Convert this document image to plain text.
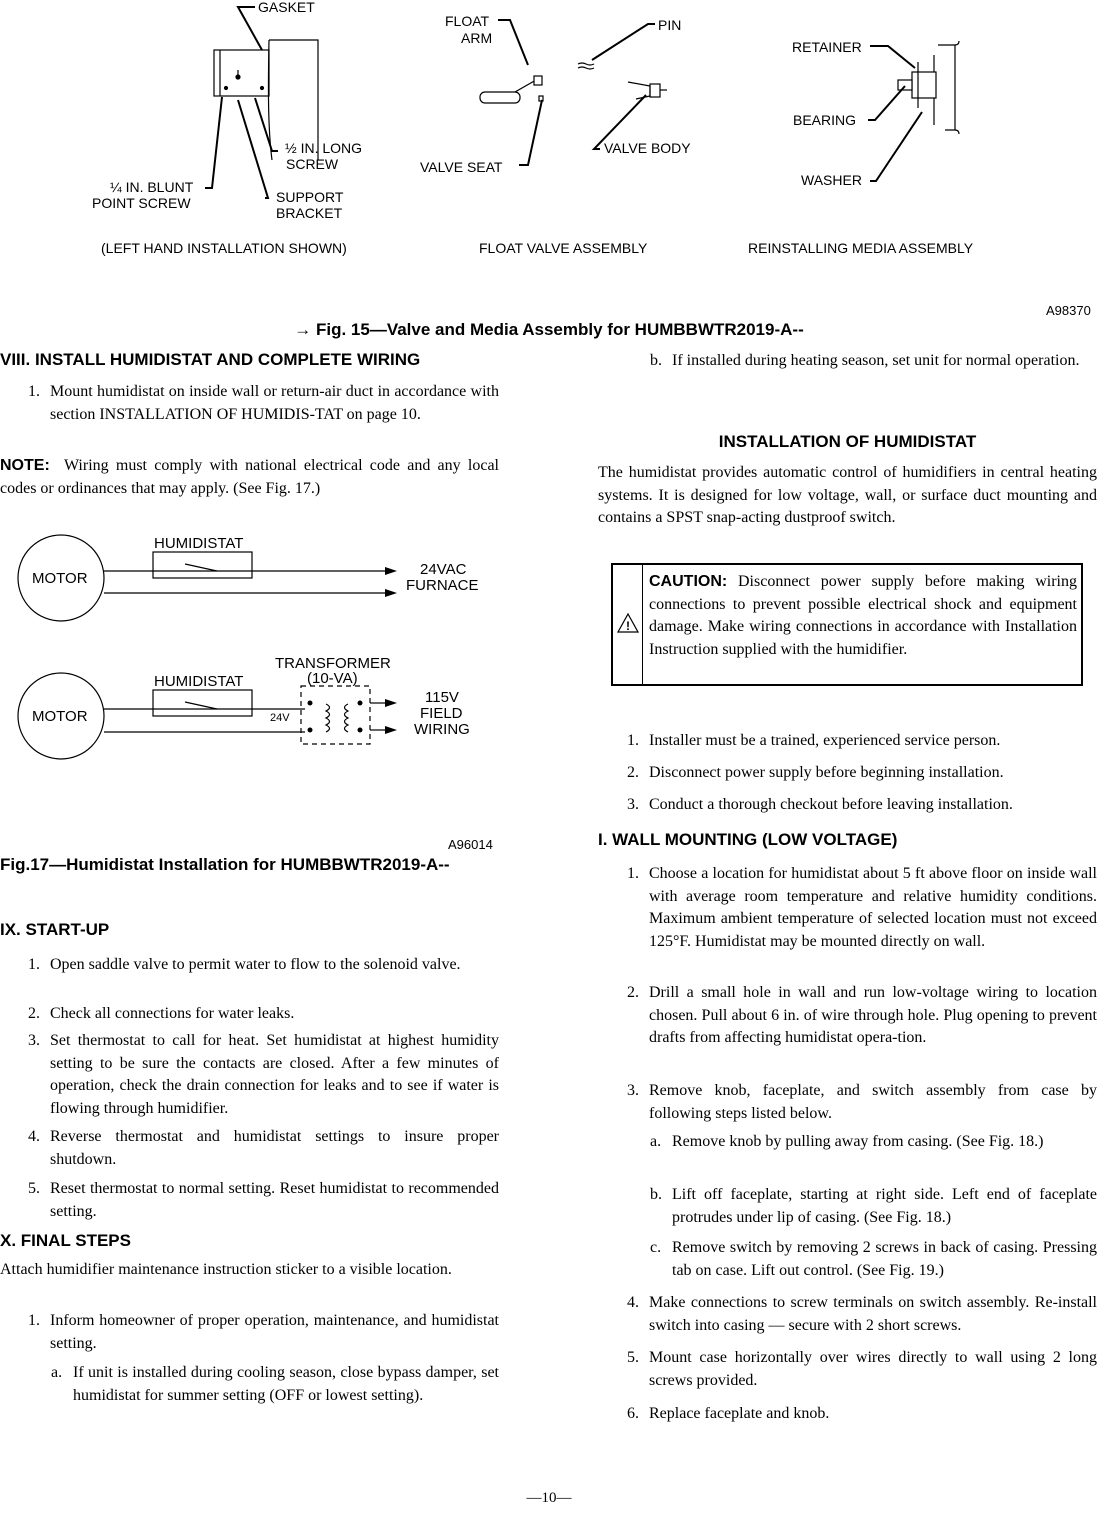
GASKET
½ IN. LONG
SCREW
¼ IN. BLUNT
POINT SCREW	SUPPORT
BRACKET
FLOAT
ARM
PIN
VALVE BODY
VALVE SEAT
RETAINER
BEARING
WASHER
(LEFT HAND INSTALLATION SHOWN)	FLOAT VALVE ASSEMBLY	REINSTALLING MEDIA ASSEMBLY
A98370
→ Fig. 15—Valve and Media Assembly for HUMBBWTR2019-A--
VIII. INSTALL HUMIDISTAT AND COMPLETE WIRING
1. Mount humidistat on inside wall or return-air duct in accordance with section INSTALLATION OF HUMIDIS-TAT on page 10.
NOTE: Wiring must comply with national electrical code and any local codes or ordinances that may apply. (See Fig. 17.)
MOTOR
HUMIDISTAT
24VAC
FURNACE
MOTOR
HUMIDISTAT
TRANSFORMER
(10-VA)
24V
115V
FIELD
WIRING
A96014
Fig.17—Humidistat Installation for HUMBBWTR2019-A--
IX. START-UP
1. Open saddle valve to permit water to flow to the solenoid valve.
2. Check all connections for water leaks.
3. Set thermostat to call for heat. Set humidistat at highest humidity setting to be sure the contacts are closed. After a few minutes of operation, check the drain connection for leaks and to see if water is flowing through humidifier.
4. Reverse thermostat and humidistat settings to insure proper shutdown.
5. Reset thermostat to normal setting. Reset humidistat to recommended setting.
X. FINAL STEPS
Attach humidifier maintenance instruction sticker to a visible location.
1. Inform homeowner of proper operation, maintenance, and humidistat setting.
a. If unit is installed during cooling season, close bypass damper, set humidistat for summer setting (OFF or lowest setting).
b. If installed during heating season, set unit for normal operation.
INSTALLATION OF HUMIDISTAT
The humidistat provides automatic control of humidifiers in central heating systems. It is designed for low voltage, wall, or surface duct mounting and contains a SPST snap-acting dustproof switch.
!
CAUTION: Disconnect power supply before making wiring connections to prevent possible electrical shock and equipment damage. Make wiring connections in accordance with Installation Instruction supplied with the humidifier.
1. Installer must be a trained, experienced service person.
2. Disconnect power supply before beginning installation.
3. Conduct a thorough checkout before leaving installation.
I. WALL MOUNTING (LOW VOLTAGE)
1. Choose a location for humidistat about 5 ft above floor on inside wall with average room temperature and relative humidity conditions. Maximum ambient temperature of selected location must not exceed 125°F. Humidistat may be mounted directly on wall.
2. Drill a small hole in wall and run low-voltage wiring to location chosen. Pull about 6 in. of wire through hole. Plug opening to prevent drafts from affecting humidistat opera-tion.
3. Remove knob, faceplate, and switch assembly from case by following steps listed below.
a. Remove knob by pulling away from casing. (See Fig. 18.)
b. Lift off faceplate, starting at right side. Left end of faceplate protrudes under lip of casing. (See Fig. 18.)
c. Remove switch by removing 2 screws in back of casing. Pressing tab on case. Lift out control. (See Fig. 19.)
4. Make connections to screw terminals on switch assembly. Re-install switch into casing — secure with 2 short screws.
5. Mount case horizontally over wires directly to wall using 2 long screws provided.
6. Replace faceplate and knob.
—10—
